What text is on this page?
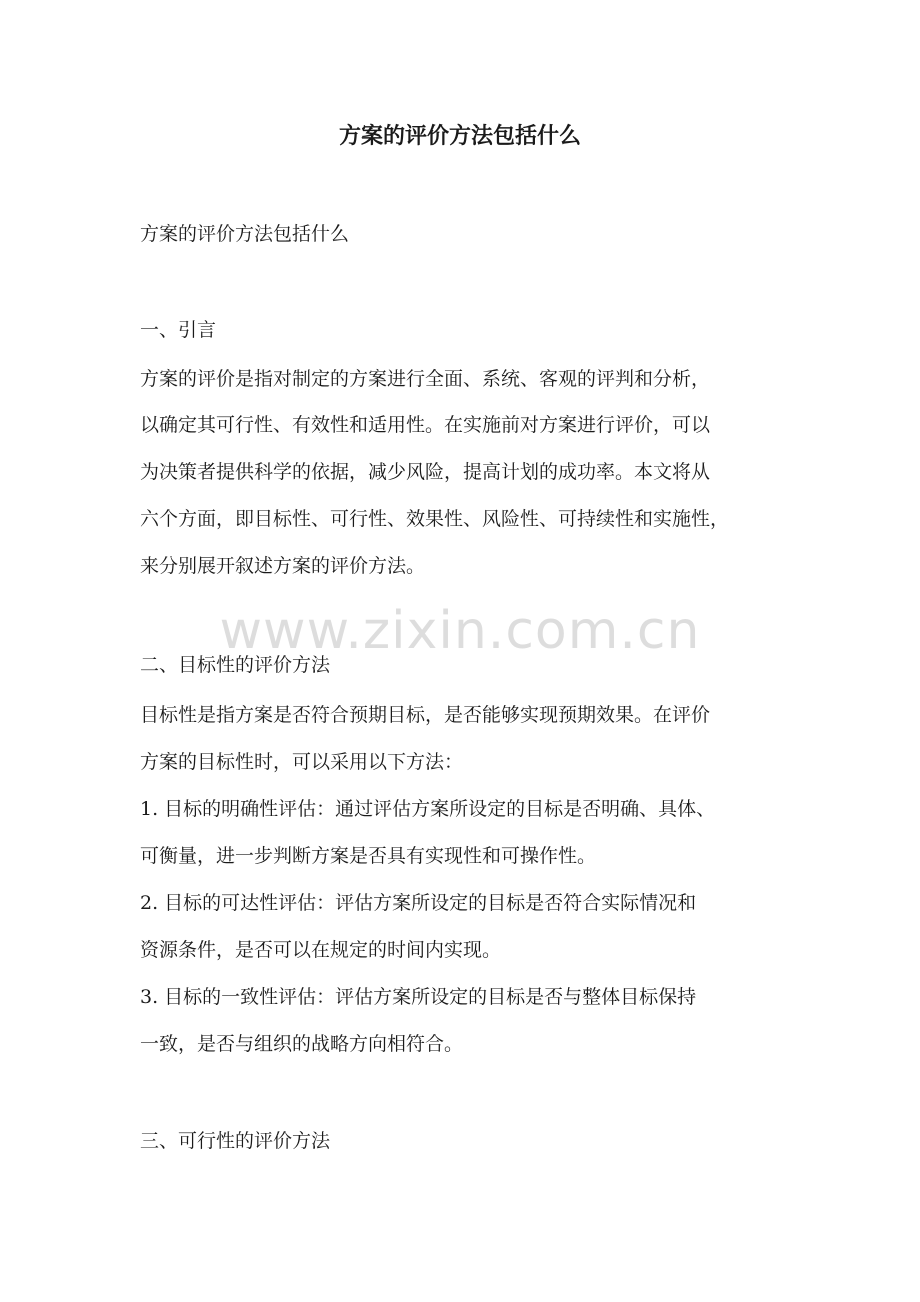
方案的评价方法包括什么

方案的评价方法包括什么

一、引言

方案的评价是指对制定的方案进行全面、系统、客观的评判和分析，

以确定其可行性、有效性和适用性。在实施前对方案进行评价，可以

为决策者提供科学的依据，减少风险，提高计划的成功率。本文将从

六个方面，即目标性、可行性、效果性、风险性、可持续性和实施性，

来分别展开叙述方案的评价方法。

www.zixin.com.cn

二、目标性的评价方法

目标性是指方案是否符合预期目标，是否能够实现预期效果。在评价

方案的目标性时，可以采用以下方法：

1. 目标的明确性评估：通过评估方案所设定的目标是否明确、具体、

可衡量，进一步判断方案是否具有实现性和可操作性。

2. 目标的可达性评估：评估方案所设定的目标是否符合实际情况和

资源条件，是否可以在规定的时间内实现。

3. 目标的一致性评估：评估方案所设定的目标是否与整体目标保持

一致，是否与组织的战略方向相符合。

三、可行性的评价方法
